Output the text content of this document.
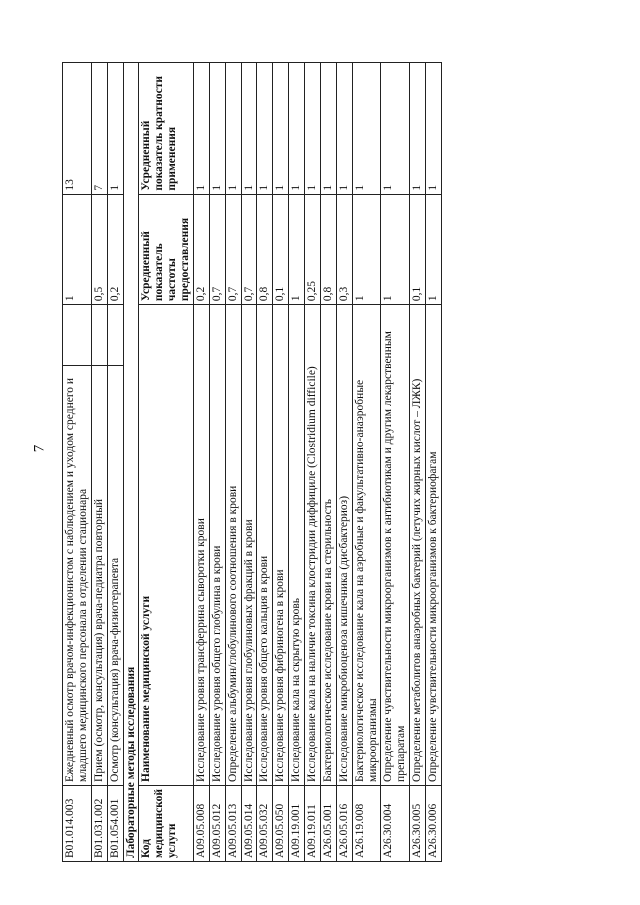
7
B01.014.003	Ежедневный осмотр врачом-инфекционистом с наблюдением и уходом среднего и младшего медицинского персонала в отделении стационара		1	13
B01.031.002	Прием (осмотр, консультация) врача-педиатра повторный		0,5	7
B01.054.001	Осмотр (консультация) врача-физиотерапевта		0,2	1
Лабораторные методы исследования				
Код медицинской услуги	Наименование медицинской услуги		Усредненный показатель частоты предоставления	Усредненный показатель кратности применения
A09.05.008	Исследование уровня трансферрина сыворотки крови		0,2	1
A09.05.012	Исследование уровня общего глобулина в крови		0,7	1
A09.05.013	Определение альбумин/глобулинового соотношения в крови		0,7	1
A09.05.014	Исследование уровня глобулиновых фракций в крови		0,7	1
A09.05.032	Исследование уровня общего кальция в крови		0,8	1
A09.05.050	Исследование уровня фибриногена в крови		0,1	1
A09.19.001	Исследование кала на скрытую кровь		1	1
A09.19.011	Исследование кала на наличие токсина клостридии диффициле (Clostridium difficile)		0,25	1
A26.05.001	Бактериологическое исследование крови на стерильность		0,8	1
A26.05.016	Исследование микробиоценоза кишечника (дисбактериоз)		0,3	1
A26.19.008	Бактериологическое исследование кала на аэробные и факультативно-анаэробные микроорганизмы		1	1
A26.30.004	Определение чувствительности микроорганизмов к антибиотикам и другим лекарственным препаратам		1	1
A26.30.005	Определение метаболитов анаэробных бактерий (летучих жирных кислот – ЛЖК)		0,1	1
A26.30.006	Определение чувствительности микроорганизмов к бактериофагам		1	1
